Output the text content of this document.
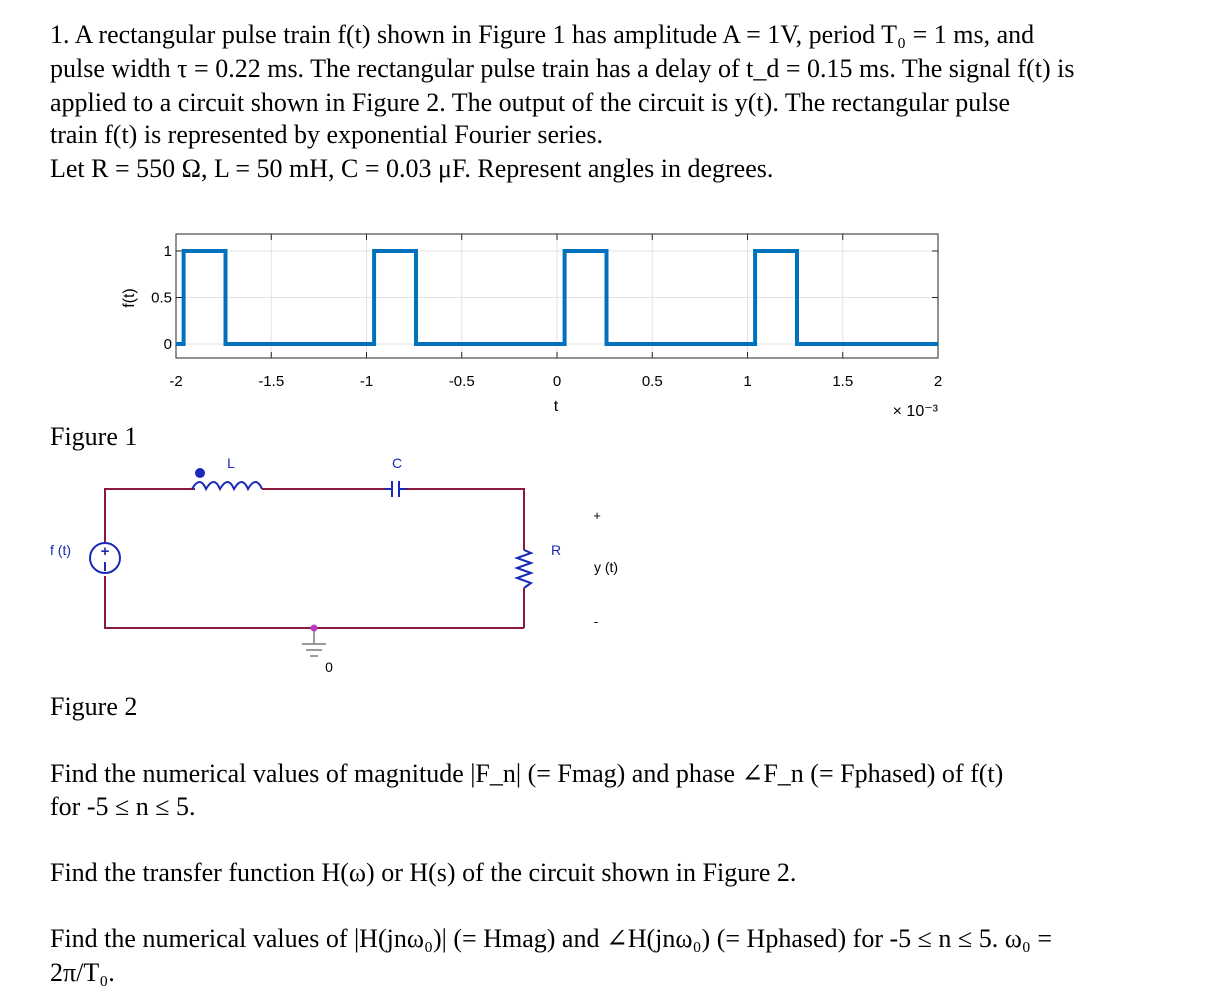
1. A rectangular pulse train f(t) shown in Figure 1 has amplitude A = 1V, period T₀ = 1 ms, and
pulse width τ = 0.22 ms. The rectangular pulse train has a delay of t_d = 0.15 ms. The signal f(t) is
applied to a circuit shown in Figure 2. The output of the circuit is y(t). The rectangular pulse
train f(t) is represented by exponential Fourier series.
Let R = 550 Ω, L = 50 mH, C = 0.03 μF. Represent angles in degrees.
0
0.5
1
-2	-1.5	-1	-0.5	0	0.5	1	1.5	2
f(t)
t	× 10⁻³
Figure 1
+
f (t)
L	C
R
+
y (t)
-
0
Figure 2
Find the numerical values of magnitude |F_n| (= Fmag) and phase ∠F_n (= Fphased) of f(t)
for -5 ≤ n ≤ 5.
Find the transfer function H(ω) or H(s) of the circuit shown in Figure 2.
Find the numerical values of |H(jnω₀)| (= Hmag) and ∠H(jnω₀) (= Hphased) for -5 ≤ n ≤ 5. ω₀ =
2π/T₀.
